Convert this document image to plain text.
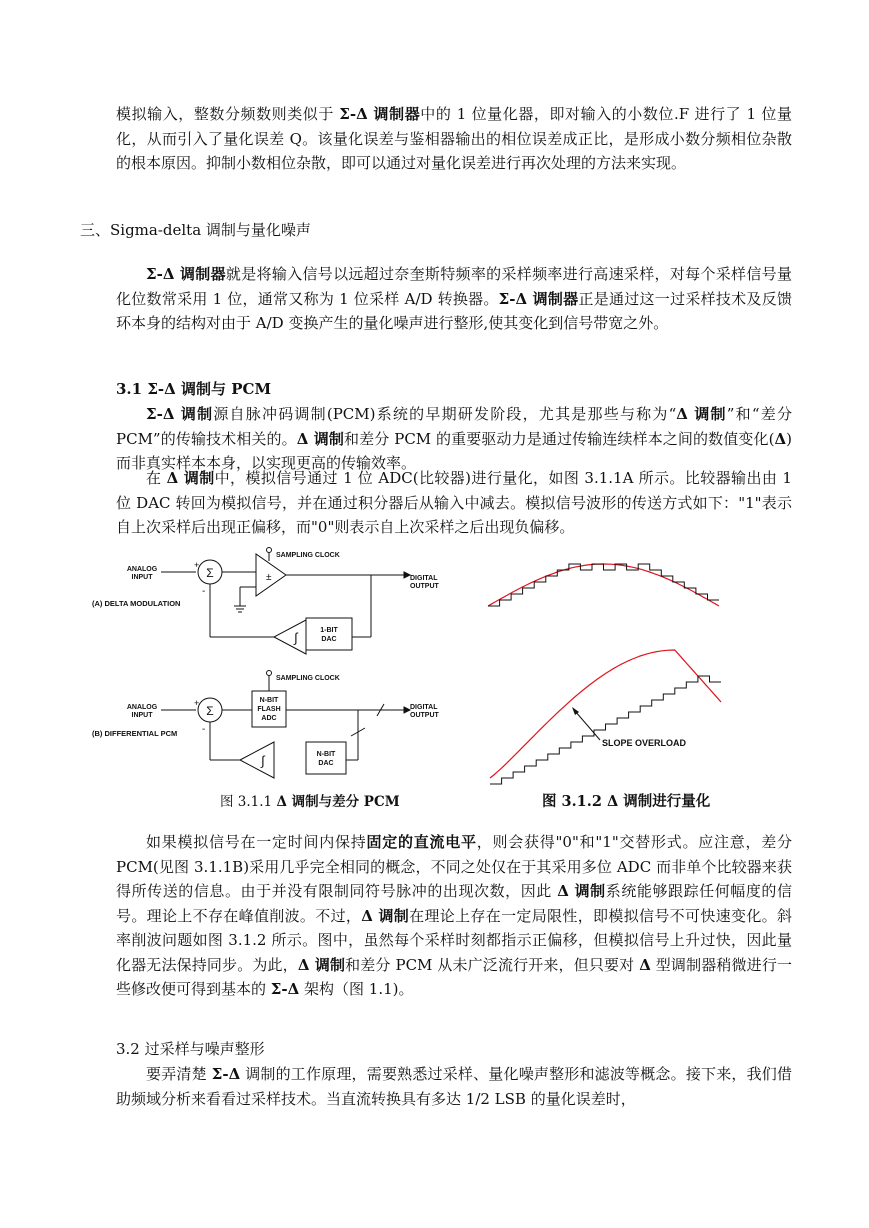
模拟输入，整数分频数则类似于 Σ-Δ 调制器中的 1 位量化器，即对输入的小数位.F 进行了 1 位量化，从而引入了量化误差 Q。该量化误差与鉴相器输出的相位误差成正比，是形成小数分频相位杂散的根本原因。抑制小数相位杂散，即可以通过对量化误差进行再次处理的方法来实现。

三、Sigma-delta 调制与量化噪声

Σ-Δ 调制器就是将输入信号以远超过奈奎斯特频率的采样频率进行高速采样，对每个采样信号量化位数常采用 1 位，通常又称为 1 位采样 A/D 转换器。Σ-Δ 调制器正是通过这一过采样技术及反馈环本身的结构对由于 A/D 变换产生的量化噪声进行整形,使其变化到信号带宽之外。

3.1 Σ-Δ 调制与 PCM

Σ-Δ 调制源自脉冲码调制(PCM)系统的早期研发阶段，尤其是那些与称为“Δ 调制”和“差分 PCM”的传输技术相关的。Δ 调制和差分 PCM 的重要驱动力是通过传输连续样本之间的数值变化(Δ)而非真实样本本身，以实现更高的传输效率。

在 Δ 调制中，模拟信号通过 1 位 ADC(比较器)进行量化，如图 3.1.1A 所示。比较器输出由 1 位 DAC 转回为模拟信号，并在通过积分器后从输入中减去。模拟信号波形的传送方式如下："1"表示自上次采样后出现正偏移，而"0"则表示自上次采样之后出现负偏移。

ANALOG
INPUT
SAMPLING CLOCK
DIGITAL
OUTPUT
(A) DELTA MODULATION
1-BIT
DAC
ANALOG
INPUT
SAMPLING CLOCK
DIGITAL
OUTPUT
N-BIT
FLASH
ADC
(B) DIFFERENTIAL PCM
N-BIT
DAC
Σ
Σ
+
-
+
-
±
∫
∫
图 3.1.1 Δ 调制与差分 PCM
SLOPE OVERLOAD
图 3.1.2 Δ 调制进行量化

如果模拟信号在一定时间内保持固定的直流电平，则会获得"0"和"1"交替形式。应注意，差分 PCM(见图 3.1.1B)采用几乎完全相同的概念，不同之处仅在于其采用多位 ADC 而非单个比较器来获得所传送的信息。由于并没有限制同符号脉冲的出现次数，因此 Δ 调制系统能够跟踪任何幅度的信号。理论上不存在峰值削波。不过，Δ 调制在理论上存在一定局限性，即模拟信号不可快速变化。斜率削波问题如图 3.1.2 所示。图中，虽然每个采样时刻都指示正偏移，但模拟信号上升过快，因此量化器无法保持同步。为此，Δ 调制和差分 PCM 从未广泛流行开来，但只要对 Δ 型调制器稍微进行一些修改便可得到基本的 Σ-Δ 架构（图 1.1)。

3.2 过采样与噪声整形

要弄清楚 Σ-Δ 调制的工作原理，需要熟悉过采样、量化噪声整形和滤波等概念。接下来，我们借助频域分析来看看过采样技术。当直流转换具有多达 1/2 LSB 的量化误差时，
